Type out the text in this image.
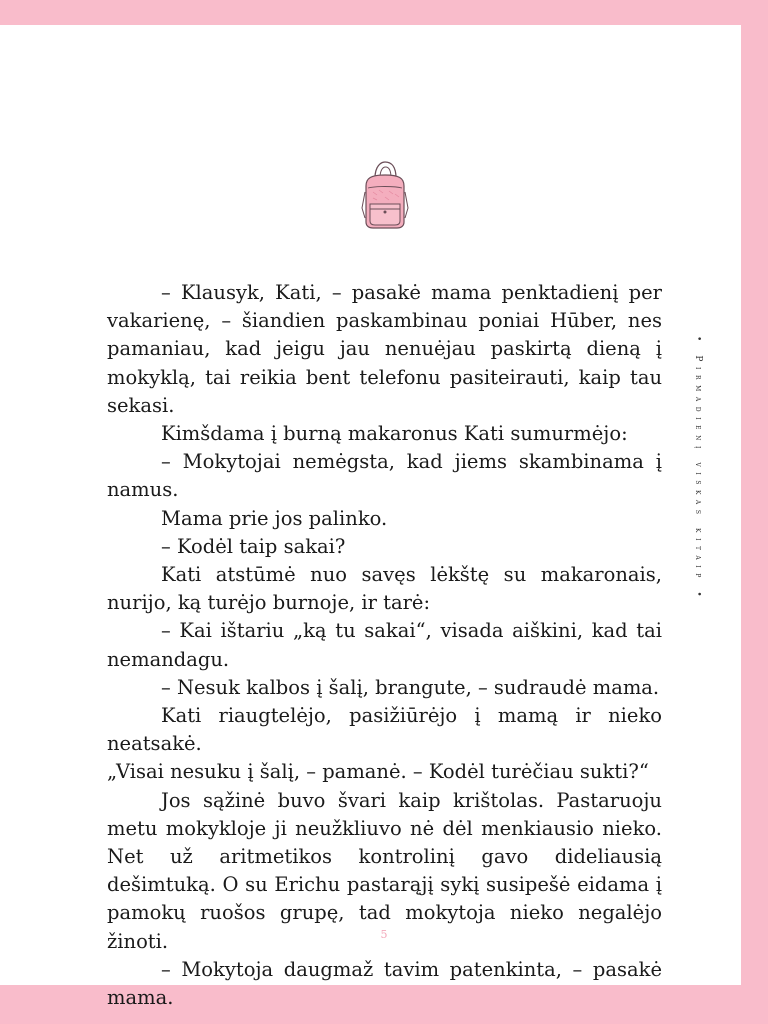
– Klausyk, Kati, – pasakė mama penktadienį per vakarienę, – šiandien paskambinau poniai Hūber, nes pamaniau, kad jeigu jau nenuėjau paskirtą dieną į mokyklą, tai reikia bent telefonu pasiteirauti, kaip tau sekasi.

Kimšdama į burną makaronus Kati sumurmėjo:

– Mokytojai nemėgsta, kad jiems skambinama į namus.

Mama prie jos palinko.

– Kodėl taip sakai?

Kati atstūmė nuo savęs lėkštę su makaronais, nurijo, ką turėjo burnoje, ir tarė:

– Kai ištariu „ką tu sakai“, visada aiškini, kad tai nemandagu.

– Nesuk kalbos į šalį, brangute, – sudraudė mama.

Kati riaugtelėjo, pasižiūrėjo į mamą ir nieko neatsakė.

„Visai nesuku į šalį, – pamanė. – Kodėl turėčiau sukti?“

Jos sąžinė buvo švari kaip krištolas. Pastaruoju metu mokykloje ji neužkliuvo nė dėl menkiausio nieko. Net už aritmetikos kontrolinį gavo dideliausią dešimtuką. O su Erichu pastarąjį sykį susipešė eidama į pamokų ruošos grupę, tad mokytoja nieko negalėjo žinoti.

– Mokytoja daugmaž tavim patenkinta, – pasakė mama.

• Pirmadienį viskas kitaip •
5
